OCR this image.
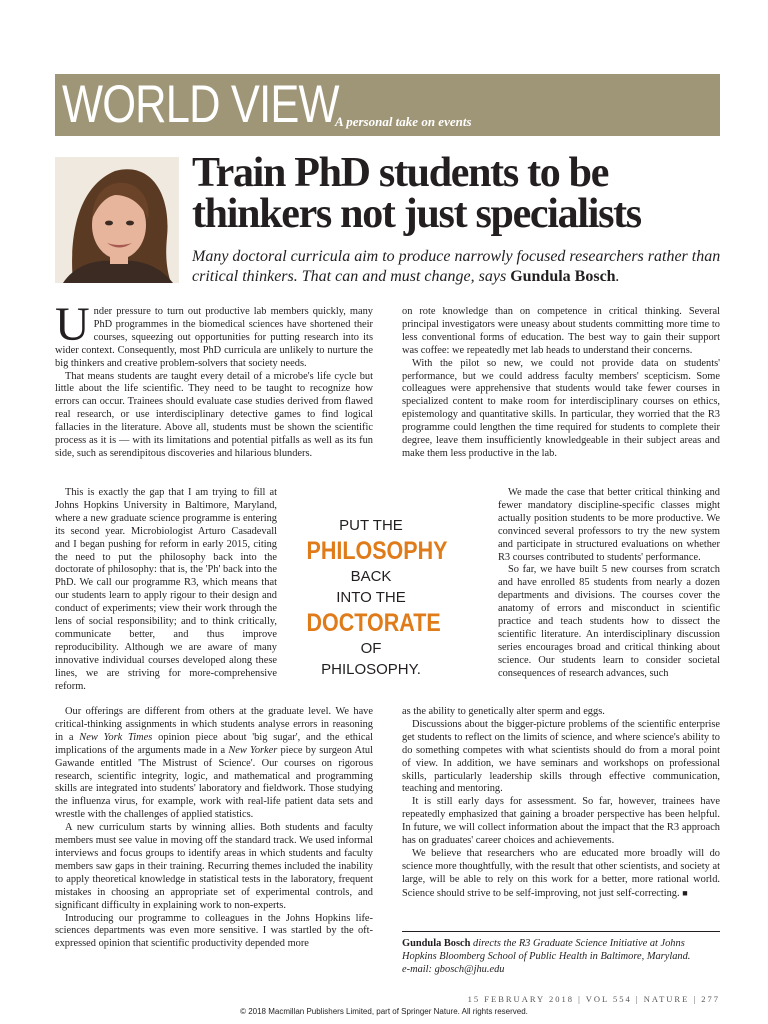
WORLD VIEW
A personal take on events
Train PhD students to be thinkers not just specialists
Many doctoral curricula aim to produce narrowly focused researchers rather than critical thinkers. That can and must change, says Gundula Bosch.

Under pressure to turn out productive lab members quickly, many PhD programmes in the biomedical sciences have shortened their courses, squeezing out opportunities for putting research into its wider context. Consequently, most PhD curricula are unlikely to nurture the big thinkers and creative problem-solvers that society needs.

That means students are taught every detail of a microbe's life cycle but little about the life scientific. They need to be taught to recognize how errors can occur. Trainees should evaluate case studies derived from flawed real research, or use interdisciplinary detective games to find logical fallacies in the literature. Above all, students must be shown the scientific process as it is — with its limitations and potential pitfalls as well as its fun side, such as serendipitous discoveries and hilarious blunders.

This is exactly the gap that I am trying to fill at Johns Hopkins University in Baltimore, Maryland, where a new graduate science programme is entering its second year. Microbiologist Arturo Casadevall and I began pushing for reform in early 2015, citing the need to put the philosophy back into the doctorate of philosophy: that is, the 'Ph' back into the PhD. We call our programme R3, which means that our students learn to apply rigour to their design and conduct of experiments; view their work through the lens of social responsibility; and to think critically, communicate better, and thus improve reproducibility. Although we are aware of many innovative individual courses developed along these lines, we are striving for more-comprehensive reform.

Our offerings are different from others at the graduate level. We have critical-thinking assignments in which students analyse errors in reasoning in a New York Times opinion piece about 'big sugar', and the ethical implications of the arguments made in a New Yorker piece by surgeon Atul Gawande entitled 'The Mistrust of Science'. Our courses on rigorous research, scientific integrity, logic, and mathematical and programming skills are integrated into students' laboratory and fieldwork. Those studying the influenza virus, for example, work with real-life patient data sets and wrestle with the challenges of applied statistics.

A new curriculum starts by winning allies. Both students and faculty members must see value in moving off the standard track. We used informal interviews and focus groups to identify areas in which students and faculty members saw gaps in their training. Recurring themes included the inability to apply theoretical knowledge in statistical tests in the laboratory, frequent mistakes in choosing an appropriate set of experimental controls, and significant difficulty in explaining work to non-experts.

Introducing our programme to colleagues in the Johns Hopkins life-sciences departments was even more sensitive. I was startled by the oft-expressed opinion that scientific productivity depended more

PUT THE
PHILOSOPHY
BACK
INTO THE
DOCTORATE
OF
PHILOSOPHY.

on rote knowledge than on competence in critical thinking. Several principal investigators were uneasy about students committing more time to less conventional forms of education. The best way to gain their support was coffee: we repeatedly met lab heads to understand their concerns.

With the pilot so new, we could not provide data on students' performance, but we could address faculty members' scepticism. Some colleagues were apprehensive that students would take fewer courses in specialized content to make room for interdisciplinary courses on ethics, epistemology and quantitative skills. In particular, they worried that the R3 programme could lengthen the time required for students to complete their degree, leave them insufficiently knowledgeable in their subject areas and make them less productive in the lab.

We made the case that better critical thinking and fewer mandatory discipline-specific classes might actually position students to be more productive. We convinced several professors to try the new system and participate in structured evaluations on whether R3 courses contributed to students' performance.

So far, we have built 5 new courses from scratch and have enrolled 85 students from nearly a dozen departments and divisions. The courses cover the anatomy of errors and misconduct in scientific practice and teach students how to dissect the scientific literature. An interdisciplinary discussion series encourages broad and critical thinking about science. Our students learn to consider societal consequences of research advances, such

as the ability to genetically alter sperm and eggs.

Discussions about the bigger-picture problems of the scientific enterprise get students to reflect on the limits of science, and where science's ability to do something competes with what scientists should do from a moral point of view. In addition, we have seminars and workshops on professional skills, particularly leadership skills through effective communication, teaching and mentoring.

It is still early days for assessment. So far, however, trainees have repeatedly emphasized that gaining a broader perspective has been helpful. In future, we will collect information about the impact that the R3 approach has on graduates' career choices and achievements.

We believe that researchers who are educated more broadly will do science more thoughtfully, with the result that other scientists, and society at large, will be able to rely on this work for a better, more rational world. Science should strive to be self-improving, not just self-correcting. ■

Gundula Bosch directs the R3 Graduate Science Initiative at Johns Hopkins Bloomberg School of Public Health in Baltimore, Maryland.
e-mail: gbosch@jhu.edu
15 FEBRUARY 2018 | VOL 554 | NATURE | 277
© 2018 Macmillan Publishers Limited, part of Springer Nature. All rights reserved.
